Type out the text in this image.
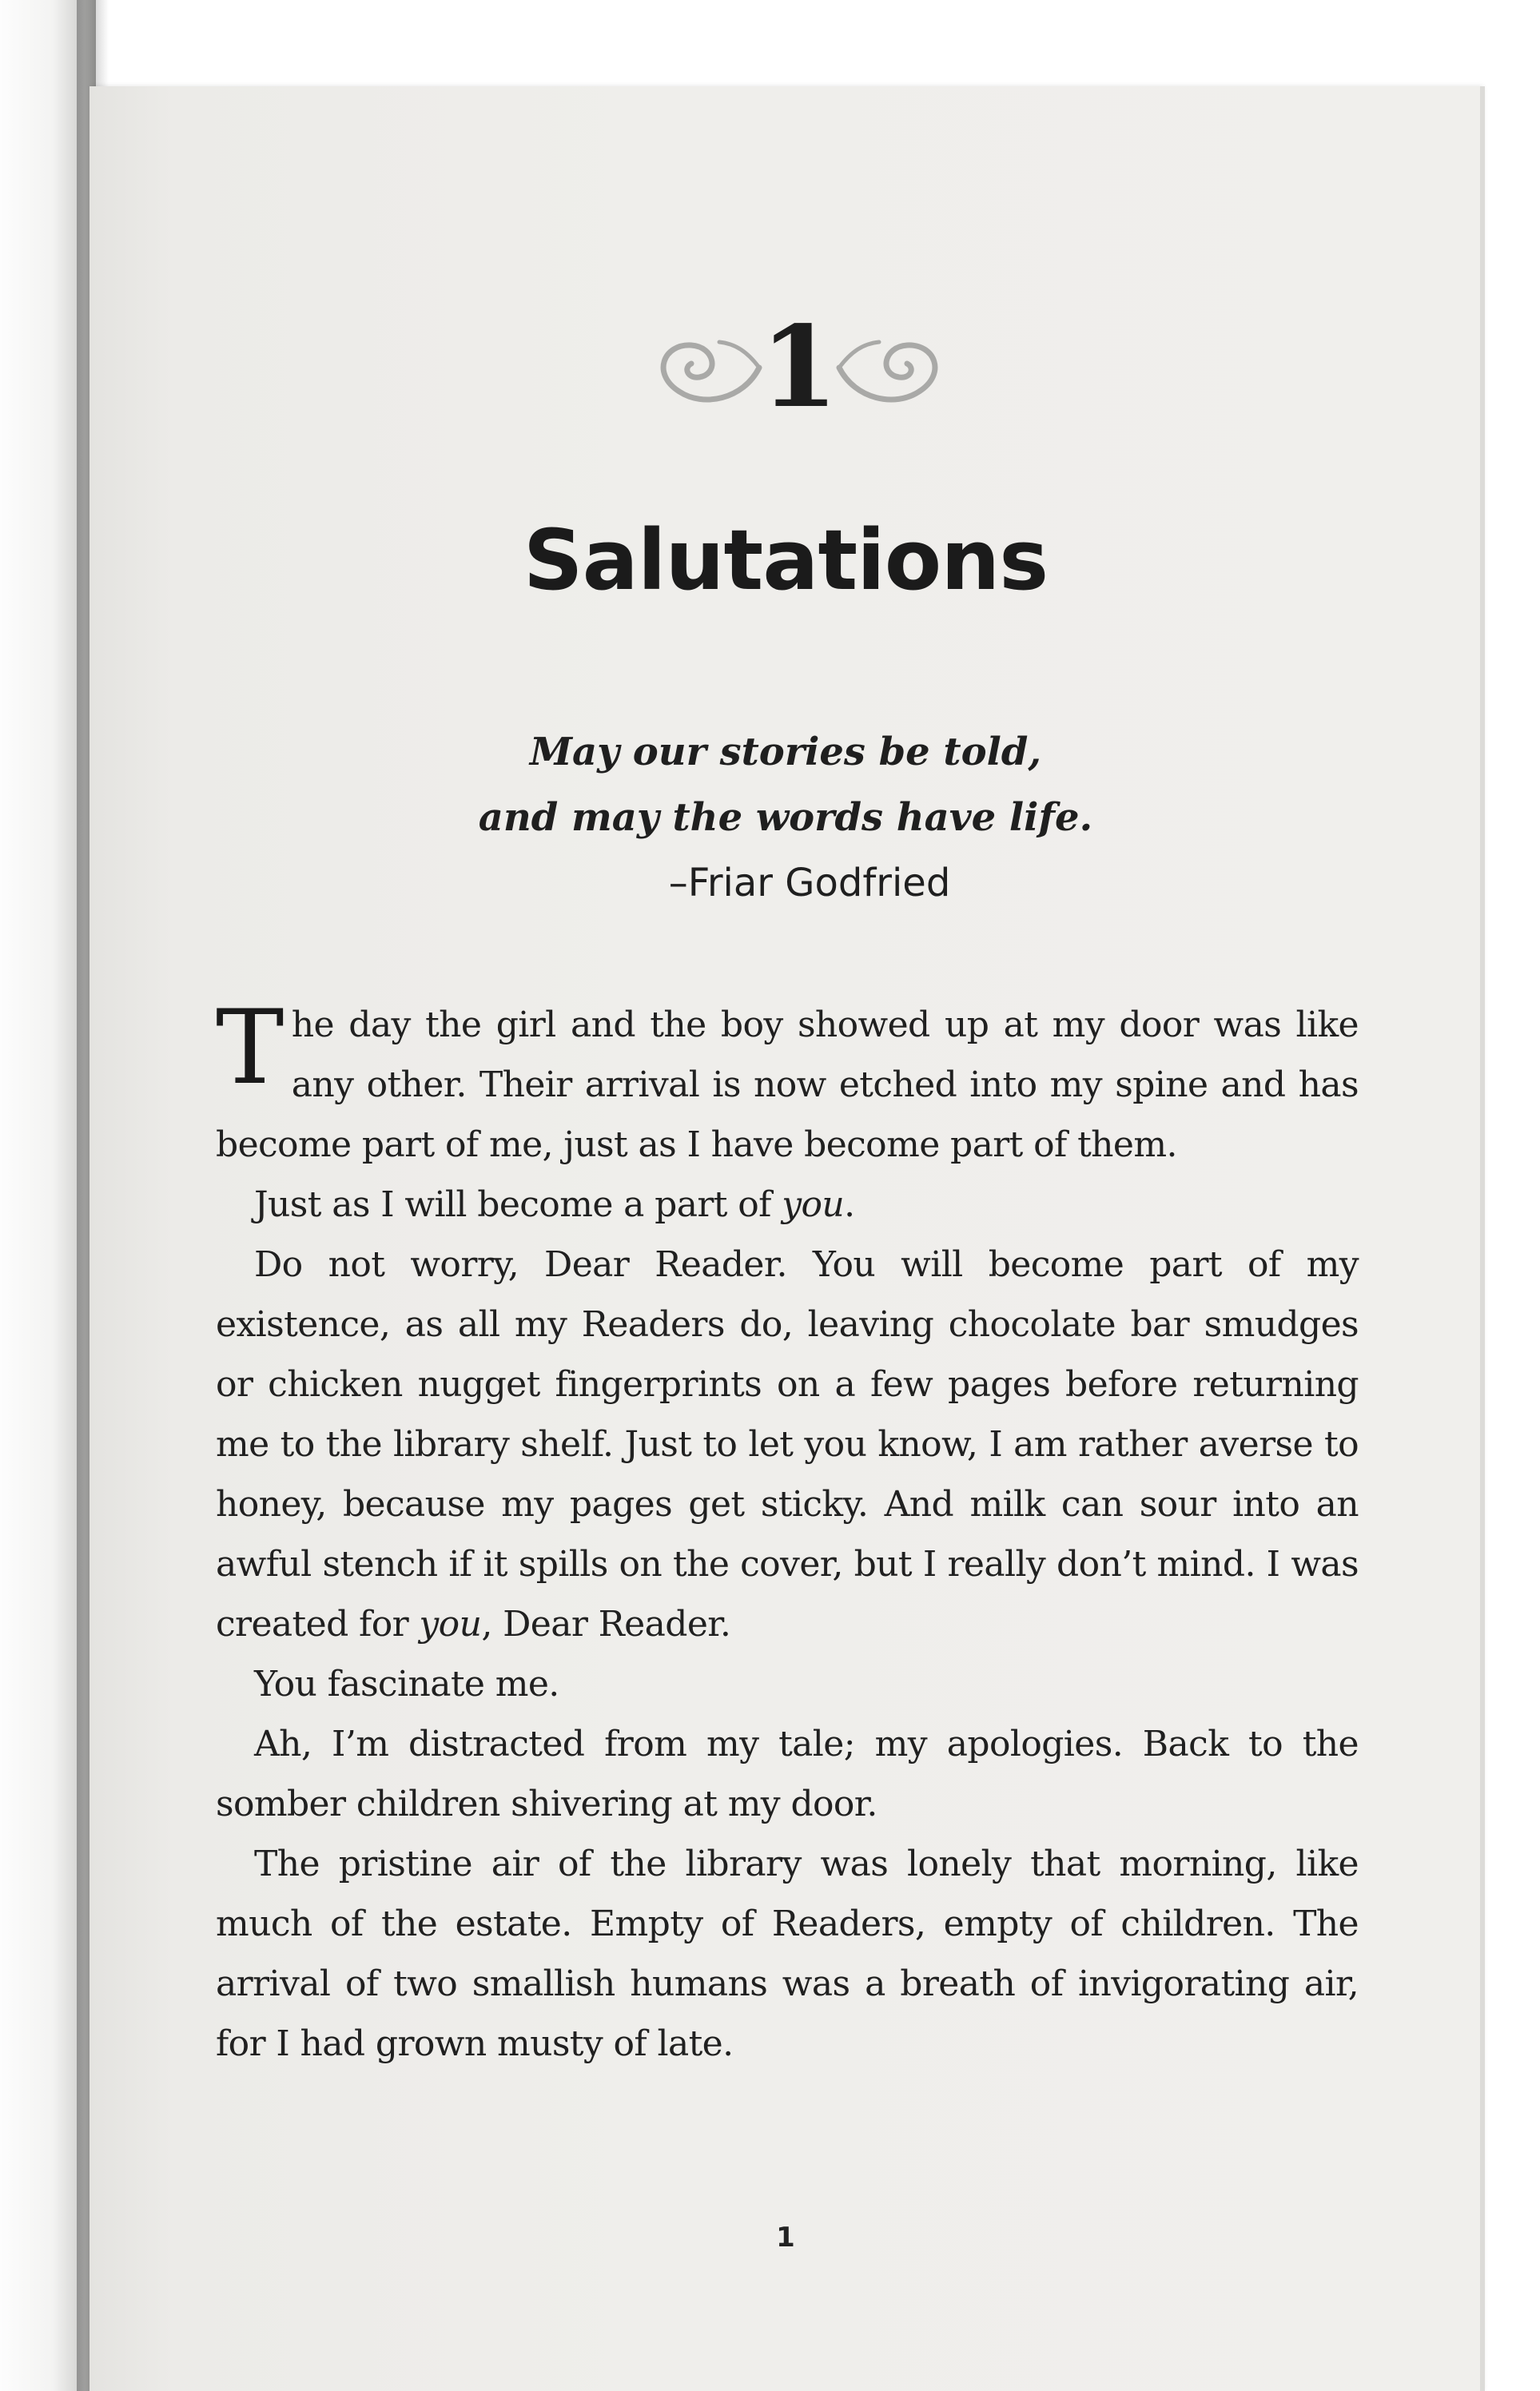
1
Salutations
May our stories be told,
and may the words have life.
–Friar Godfried

The day the girl and the boy showed up at my door was like any other. Their arrival is now etched into my spine and has become part of me, just as I have become part of them.

Just as I will become a part of you.

Do not worry, Dear Reader. You will become part of my existence, as all my Readers do, leaving chocolate bar smudges or chicken nugget fingerprints on a few pages before returning me to the library shelf. Just to let you know, I am rather averse to honey, because my pages get sticky. And milk can sour into an awful stench if it spills on the cover, but I really don’t mind. I was created for you, Dear Reader.

You fascinate me.

Ah, I’m distracted from my tale; my apologies. Back to the somber children shivering at my door.

The pristine air of the library was lonely that morning, like much of the estate. Empty of Readers, empty of children. The arrival of two smallish humans was a breath of invigorating air, for I had grown musty of late.

1
